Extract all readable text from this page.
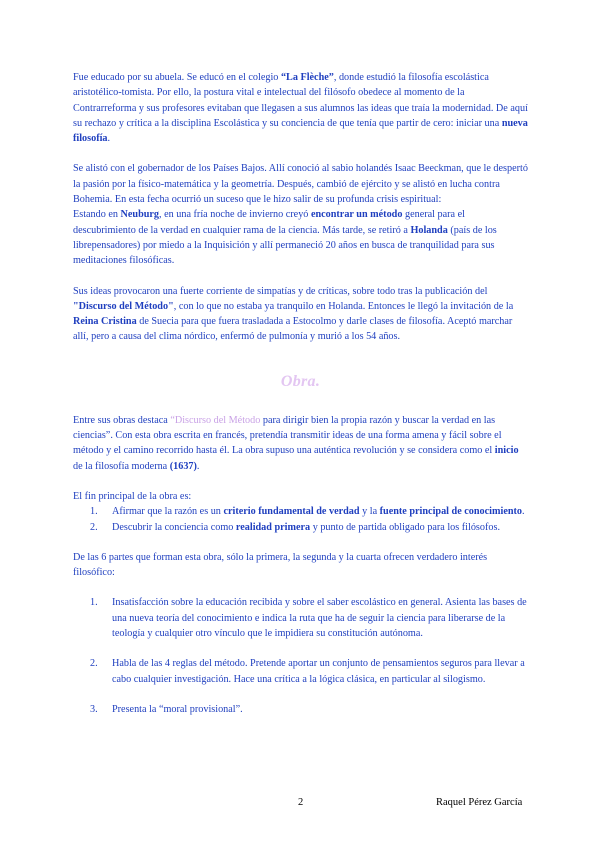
Fue educado por su abuela. Se educó en el colegio “La Flèche”, donde estudió la filosofía escolástica aristotélico-tomista. Por ello, la postura vital e intelectual del filósofo obedece al momento de la Contrarreforma y sus profesores evitaban que llegasen a sus alumnos las ideas que traía la modernidad. De aquí su rechazo y crítica a la disciplina Escolástica y su conciencia de que tenía que partir de cero: iniciar una nueva filosofía.

Se alistó con el gobernador de los Países Bajos. Allí conoció al sabio holandés Isaac Beeckman, que le despertó la pasión por la físico-matemática y la geometría. Después, cambió de ejército y se alistó en lucha contra Bohemia. En esta fecha ocurrió un suceso que le hizo salir de su profunda crisis espiritual:

Estando en Neuburg, en una fría noche de invierno creyó encontrar un método general para el descubrimiento de la verdad en cualquier rama de la ciencia. Más tarde, se retiró a Holanda (país de los librepensadores) por miedo a la Inquisición y allí permaneció 20 años en busca de tranquilidad para sus meditaciones filosóficas.

Sus ideas provocaron una fuerte corriente de simpatías y de críticas, sobre todo tras la publicación del "Discurso del Método", con lo que no estaba ya tranquilo en Holanda. Entonces le llegó la invitación de la Reina Cristina de Suecia para que fuera trasladada a Estocolmo y darle clases de filosofía. Aceptó marchar allí, pero a causa del clima nórdico, enfermó de pulmonía y murió a los 54 años.

Obra.

Entre sus obras destaca “Discurso del Método para dirigir bien la propia razón y buscar la verdad en las ciencias”. Con esta obra escrita en francés, pretendía transmitir ideas de una forma amena y fácil sobre el método y el camino recorrido hasta él. La obra supuso una auténtica revolución y se considera como el inicio de la filosofía moderna (1637).

El fin principal de la obra es:

1. Afirmar que la razón es un criterio fundamental de verdad y la fuente principal de conocimiento.
2. Descubrir la conciencia como realidad primera y punto de partida obligado para los filósofos.

De las 6 partes que forman esta obra, sólo la primera, la segunda y la cuarta ofrecen verdadero interés filosófico:

1. Insatisfacción sobre la educación recibida y sobre el saber escolástico en general. Asienta las bases de una nueva teoría del conocimiento e indica la ruta que ha de seguir la ciencia para liberarse de la teología y cualquier otro vínculo que le impidiera su constitución autónoma.
2. Habla de las 4 reglas del método. Pretende aportar un conjunto de pensamientos seguros para llevar a cabo cualquier investigación. Hace una crítica a la lógica clásica, en particular al silogismo.
3. Presenta la “moral provisional”.
2	Raquel Pérez García
